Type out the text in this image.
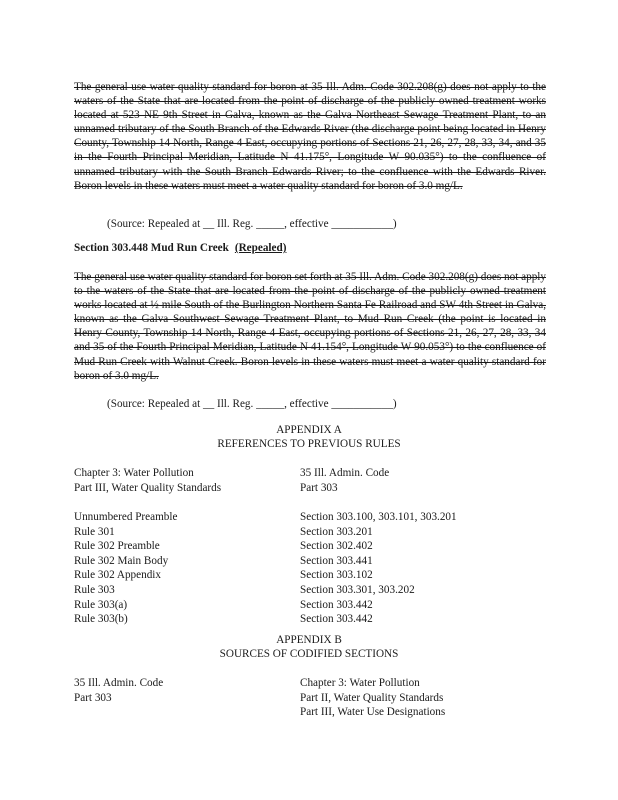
The general use water quality standard for boron at 35 Ill. Adm. Code 302.208(g) does not apply to the waters of the State that are located from the point of discharge of the publicly owned treatment works located at 523 NE 9th Street in Galva, known as the Galva Northeast Sewage Treatment Plant, to an unnamed tributary of the South Branch of the Edwards River (the discharge point being located in Henry County, Township 14 North, Range 4 East, occupying portions of Sections 21, 26, 27, 28, 33, 34, and 35 in the Fourth Principal Meridian, Latitude N 41.175°, Longitude W 90.035°) to the confluence of unnamed tributary with the South Branch Edwards River; to the confluence with the Edwards River. Boron levels in these waters must meet a water quality standard for boron of 3.0 mg/L.

(Source: Repealed at __ Ill. Reg. _____, effective ___________)

Section 303.448 Mud Run Creek (Repealed)

The general use water quality standard for boron set forth at 35 Ill. Adm. Code 302.208(g) does not apply to the waters of the State that are located from the point of discharge of the publicly owned treatment works located at ½ mile South of the Burlington Northern Santa Fe Railroad and SW 4th Street in Galva, known as the Galva Southwest Sewage Treatment Plant, to Mud Run Creek (the point is located in Henry County, Township 14 North, Range 4 East, occupying portions of Sections 21, 26, 27, 28, 33, 34 and 35 of the Fourth Principal Meridian, Latitude N 41.154°, Longitude W 90.053°) to the confluence of Mud Run Creek with Walnut Creek. Boron levels in these waters must meet a water quality standard for boron of 3.0 mg/L.

(Source: Repealed at __ Ill. Reg. _____, effective ___________)

APPENDIX A

REFERENCES TO PREVIOUS RULES

Chapter 3: Water Pollution
Part III, Water Quality Standards
35 Ill. Admin. Code
Part 303
Unnumbered Preamble
Rule 301
Rule 302 Preamble
Rule 302 Main Body
Rule 302 Appendix
Rule 303
Rule 303(a)
Rule 303(b)
Section 303.100, 303.101, 303.201
Section 303.201
Section 302.402
Section 303.441
Section 303.102
Section 303.301, 303.202
Section 303.442
Section 303.442

APPENDIX B

SOURCES OF CODIFIED SECTIONS

35 Ill. Admin. Code
Part 303
Chapter 3: Water Pollution
Part II, Water Quality Standards
Part III, Water Use Designations
